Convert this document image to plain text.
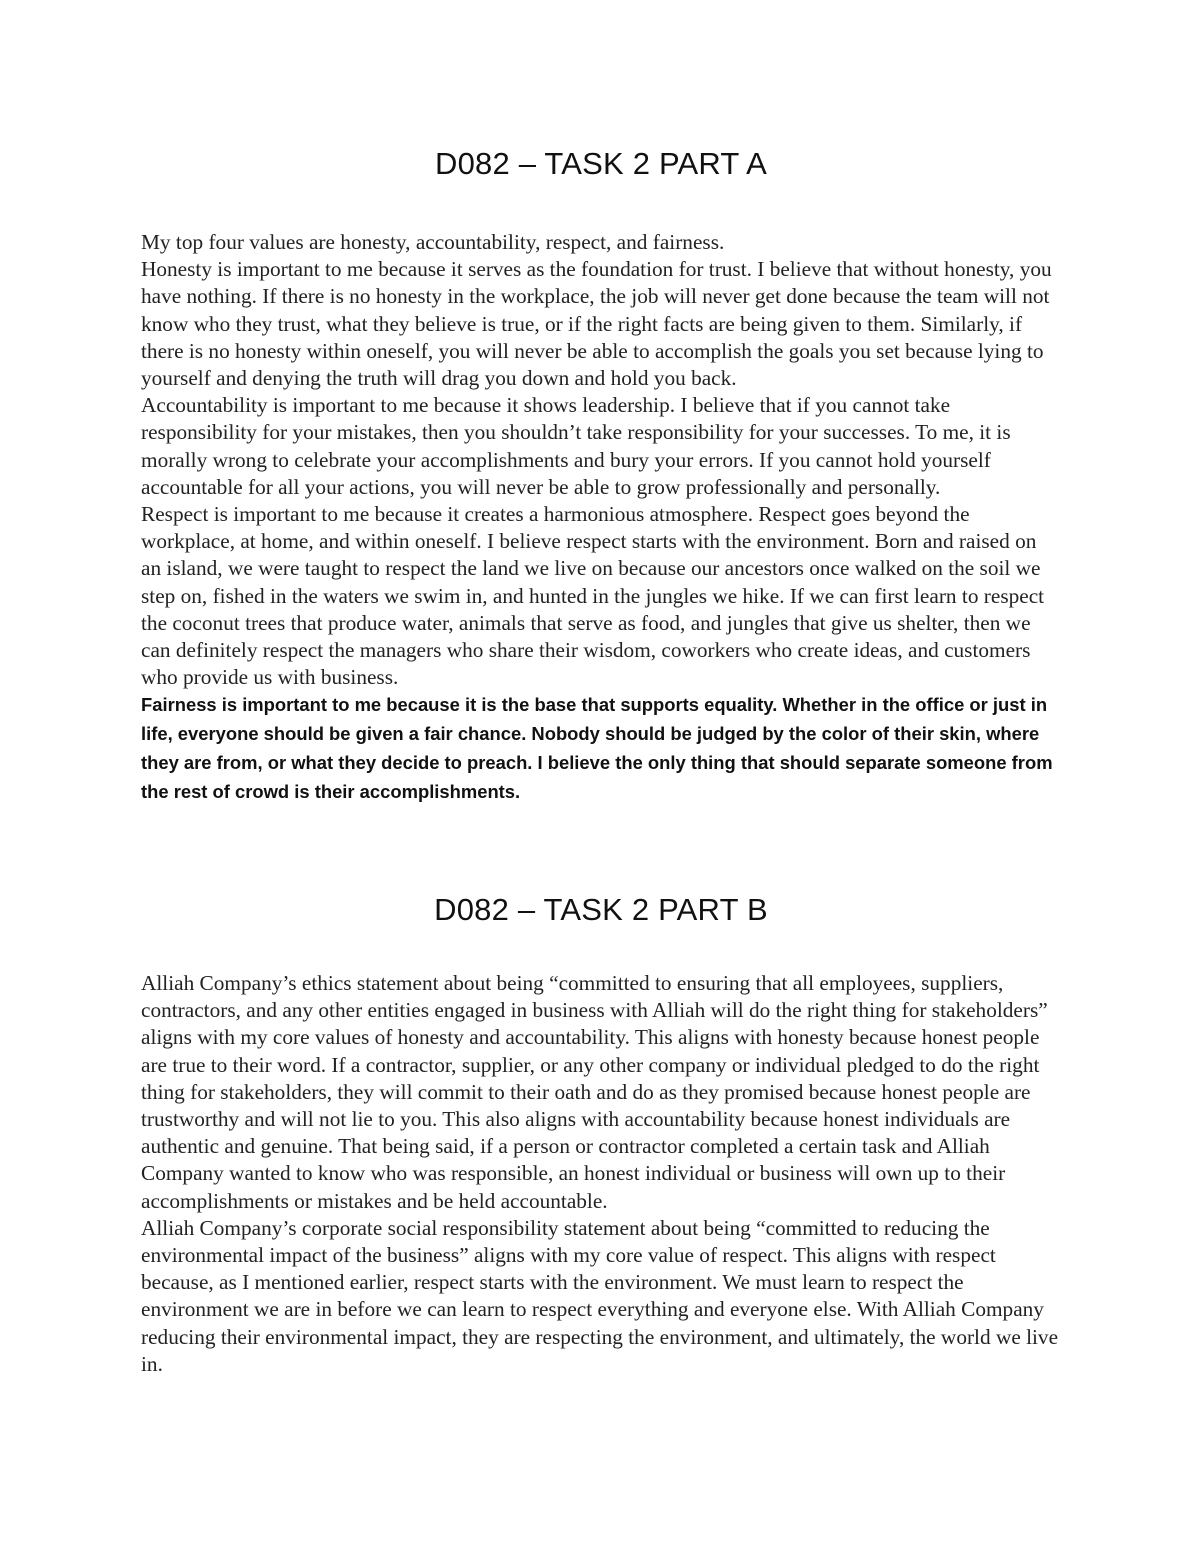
D082 – TASK 2 PART A

My top four values are honesty, accountability, respect, and fairness.

Honesty is important to me because it serves as the foundation for trust. I believe that without honesty, you have nothing. If there is no honesty in the workplace, the job will never get done because the team will not know who they trust, what they believe is true, or if the right facts are being given to them. Similarly, if there is no honesty within oneself, you will never be able to accomplish the goals you set because lying to yourself and denying the truth will drag you down and hold you back.

Accountability is important to me because it shows leadership. I believe that if you cannot take responsibility for your mistakes, then you shouldn’t take responsibility for your successes. To me, it is morally wrong to celebrate your accomplishments and bury your errors. If you cannot hold yourself accountable for all your actions, you will never be able to grow professionally and personally.

Respect is important to me because it creates a harmonious atmosphere. Respect goes beyond the workplace, at home, and within oneself. I believe respect starts with the environment. Born and raised on an island, we were taught to respect the land we live on because our ancestors once walked on the soil we step on, fished in the waters we swim in, and hunted in the jungles we hike. If we can first learn to respect the coconut trees that produce water, animals that serve as food, and jungles that give us shelter, then we can definitely respect the managers who share their wisdom, coworkers who create ideas, and customers who provide us with business.

Fairness is important to me because it is the base that supports equality. Whether in the office or just in life, everyone should be given a fair chance. Nobody should be judged by the color of their skin, where they are from, or what they decide to preach. I believe the only thing that should separate someone from the rest of crowd is their accomplishments.

D082 – TASK 2 PART B

Alliah Company’s ethics statement about being “committed to ensuring that all employees, suppliers, contractors, and any other entities engaged in business with Alliah will do the right thing for stakeholders” aligns with my core values of honesty and accountability. This aligns with honesty because honest people are true to their word. If a contractor, supplier, or any other company or individual pledged to do the right thing for stakeholders, they will commit to their oath and do as they promised because honest people are trustworthy and will not lie to you. This also aligns with accountability because honest individuals are authentic and genuine. That being said, if a person or contractor completed a certain task and Alliah Company wanted to know who was responsible, an honest individual or business will own up to their accomplishments or mistakes and be held accountable.

Alliah Company’s corporate social responsibility statement about being “committed to reducing the environmental impact of the business” aligns with my core value of respect. This aligns with respect because, as I mentioned earlier, respect starts with the environment. We must learn to respect the environment we are in before we can learn to respect everything and everyone else. With Alliah Company reducing their environmental impact, they are respecting the environment, and ultimately, the world we live in.
